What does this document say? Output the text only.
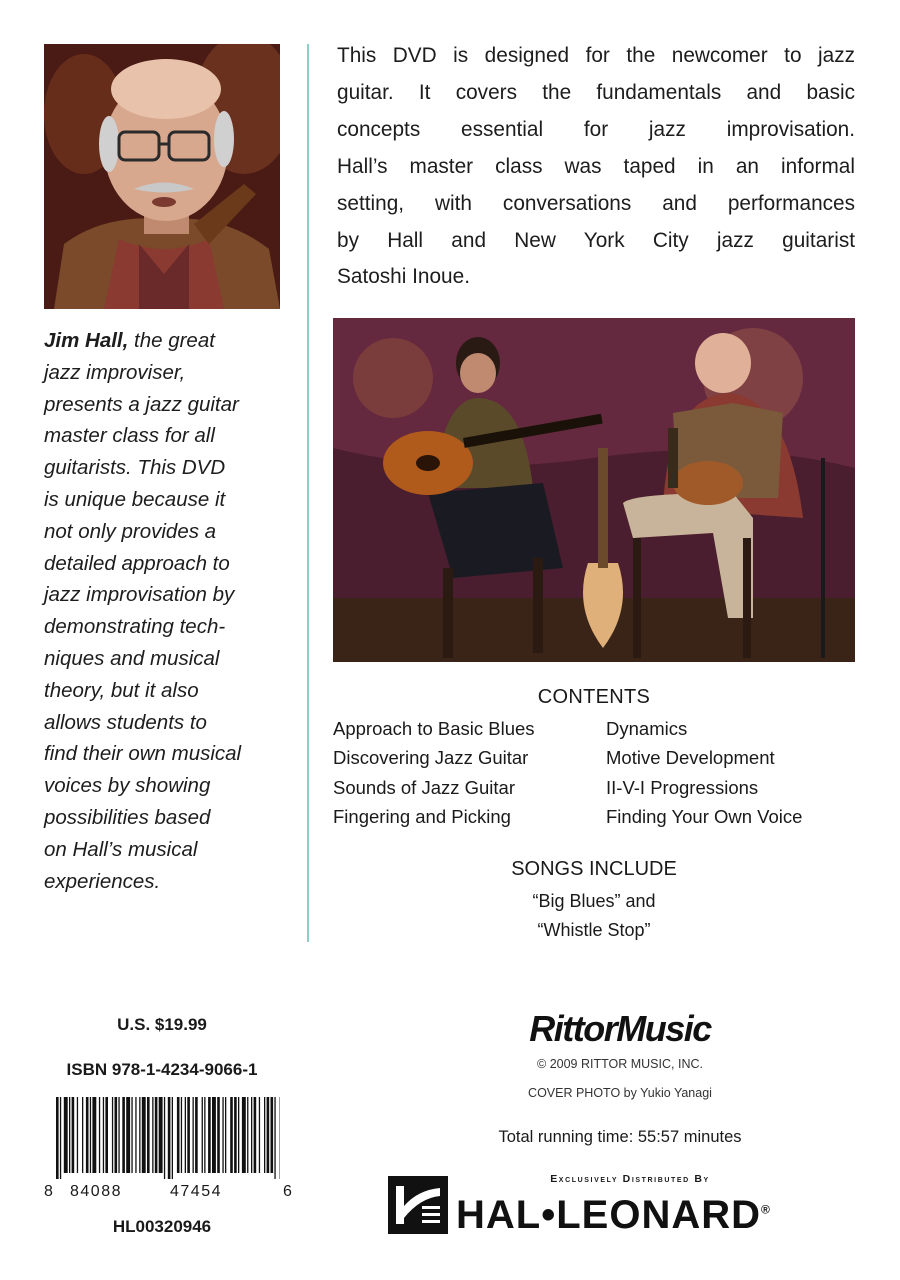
Jim Hall, the great
jazz improviser,
presents a jazz guitar
master class for all
guitarists. This DVD
is unique because it
not only provides a
detailed approach to
jazz improvisation by
demonstrating tech-
niques and musical
theory, but it also
allows students to
find their own musical
voices by showing
possibilities based
on Hall’s musical
experiences.
This DVD is designed for the newcomer to jazz
guitar. It covers the fundamentals and basic
concepts essential for jazz improvisation.
Hall’s master class was taped in an informal
setting, with conversations and performances
by Hall and New York City jazz guitarist
Satoshi Inoue.
CONTENTS
Approach to Basic Blues
Discovering Jazz Guitar
Sounds of Jazz Guitar
Fingering and Picking
Dynamics
Motive Development
II-V-I Progressions
Finding Your Own Voice
SONGS INCLUDE
“Big Blues” and
“Whistle Stop”
U.S. $19.99
ISBN 978-1-4234-9066-1
8 84088	47454	6
HL00320946
RittorMusic
© 2009 RITTOR MUSIC, INC.
COVER PHOTO by Yukio Yanagi
Total running time: 55:57 minutes
Exclusively Distributed By
HAL•LEONARD®
